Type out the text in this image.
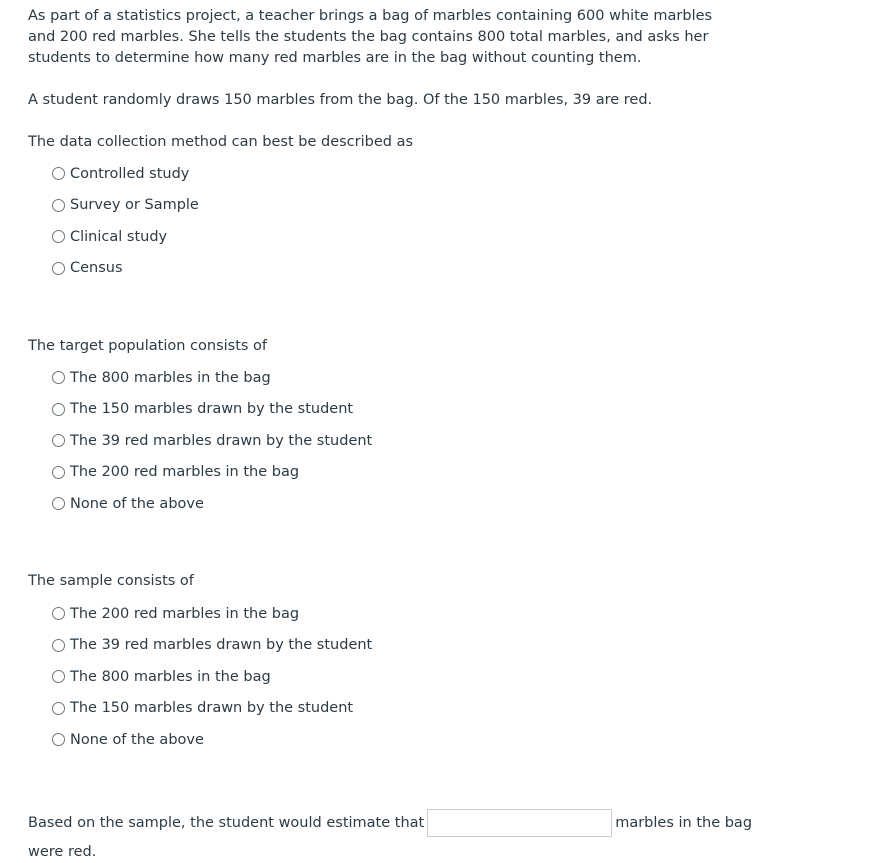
As part of a statistics project, a teacher brings a bag of marbles containing 600 white marbles and 200 red marbles. She tells the students the bag contains 800 total marbles, and asks her students to determine how many red marbles are in the bag without counting them.

A student randomly draws 150 marbles from the bag. Of the 150 marbles, 39 are red.

The data collection method can best be described as

Controlled study
Survey or Sample
Clinical study
Census

The target population consists of

The 800 marbles in the bag
The 150 marbles drawn by the student
The 39 red marbles drawn by the student
The 200 red marbles in the bag
None of the above

The sample consists of

The 200 red marbles in the bag
The 39 red marbles drawn by the student
The 800 marbles in the bag
The 150 marbles drawn by the student
None of the above
Based on the sample, the student would estimate that	marbles in the bag
were red.
